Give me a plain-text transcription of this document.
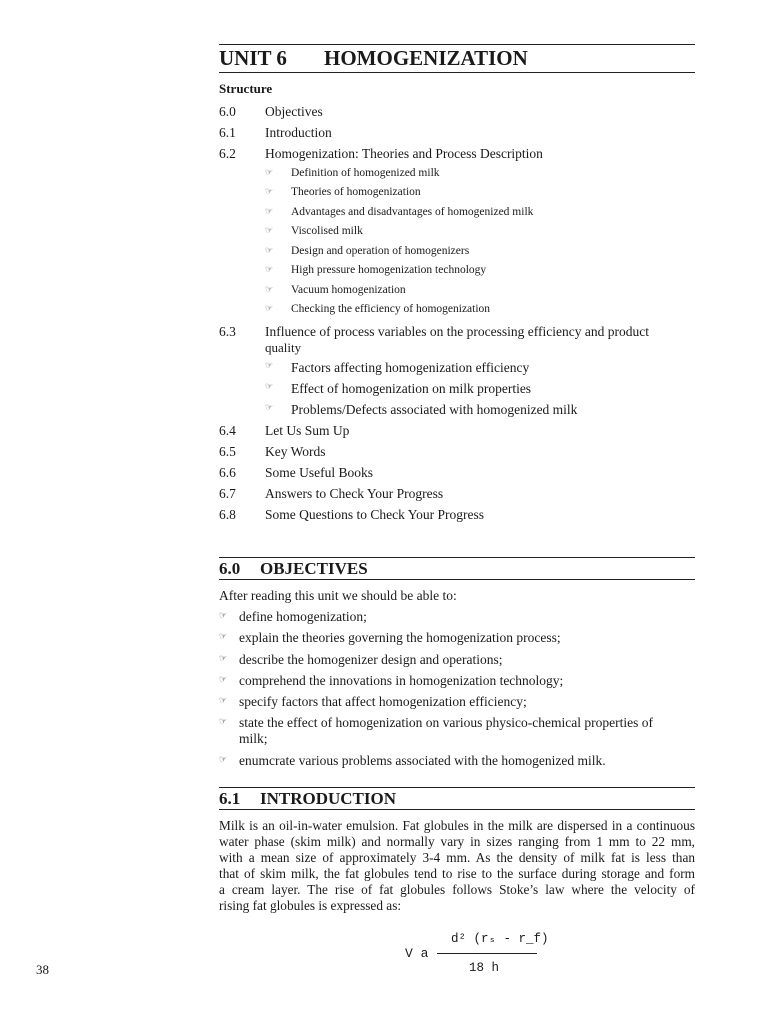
UNIT 6 HOMOGENIZATION
Structure
6.0 Objectives
6.1 Introduction
6.2 Homogenization: Theories and Process Description
☞ Definition of homogenized milk
☞ Theories of homogenization
☞ Advantages and disadvantages of homogenized milk
☞ Viscolised milk
☞ Design and operation of homogenizers
☞ High pressure homogenization technology
☞ Vacuum homogenization
☞ Checking the efficiency of homogenization
6.3 Influence of process variables on the processing efficiency and product
quality
☞ Factors affecting homogenization efficiency
☞ Effect of homogenization on milk properties
☞ Problems/Defects associated with homogenized milk
6.4 Let Us Sum Up
6.5 Key Words
6.6 Some Useful Books
6.7 Answers to Check Your Progress
6.8 Some Questions to Check Your Progress
6.0 OBJECTIVES
After reading this unit we should be able to:
☞ define homogenization;
☞ explain the theories governing the homogenization process;
☞ describe the homogenizer design and operations;
☞ comprehend the innovations in homogenization technology;
☞ specify factors that affect homogenization efficiency;
☞ state the effect of homogenization on various physico-chemical properties of
milk;
☞ enumcrate various problems associated with the homogenized milk.
6.1 INTRODUCTION
Milk is an oil-in-water emulsion. Fat globules in the milk are dispersed in a continuous
water phase (skim milk) and normally vary in sizes ranging from 1 mm to 22 mm,
with a mean size of approximately 3-4 mm. As the density of milk fat is less than
that of skim milk, the fat globules tend to rise to the surface during storage and form
a cream layer. The rise of fat globules follows Stoke’s law where the velocity of
rising fat globules is expressed as:
V a
d² (rₛ - r_f)
18 h
38
